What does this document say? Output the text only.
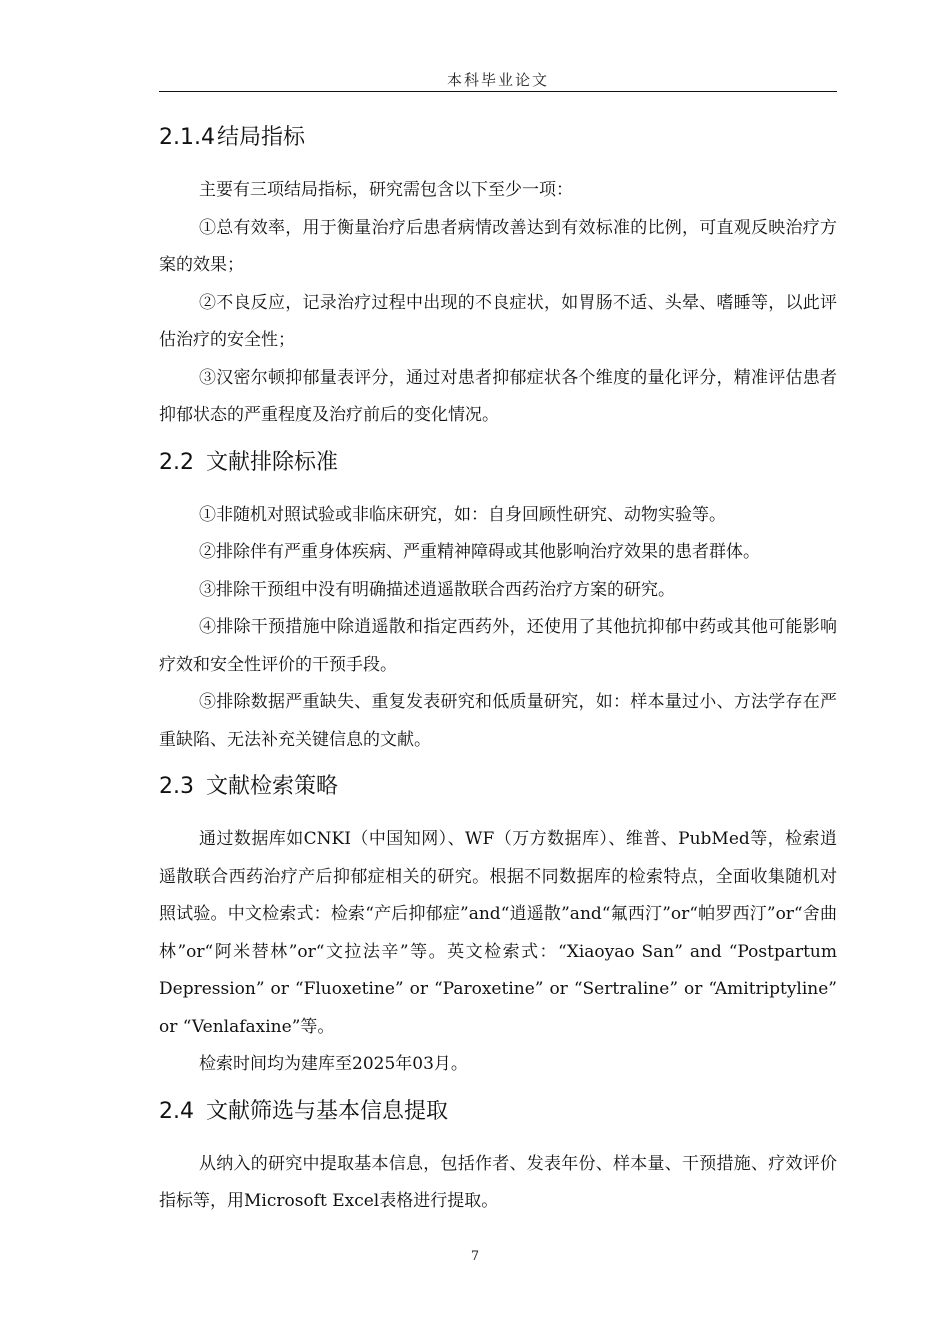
本科毕业论文
2.1.4结局指标

主要有三项结局指标，研究需包含以下至少一项：

①总有效率，用于衡量治疗后患者病情改善达到有效标准的比例，可直观反映治疗方案的效果；

②不良反应，记录治疗过程中出现的不良症状，如胃肠不适、头晕、嗜睡等，以此评估治疗的安全性；

③汉密尔顿抑郁量表评分，通过对患者抑郁症状各个维度的量化评分，精准评估患者抑郁状态的严重程度及治疗前后的变化情况。

2.2 文献排除标准

①非随机对照试验或非临床研究，如：自身回顾性研究、动物实验等。

②排除伴有严重身体疾病、严重精神障碍或其他影响治疗效果的患者群体。

③排除干预组中没有明确描述逍遥散联合西药治疗方案的研究。

④排除干预措施中除逍遥散和指定西药外，还使用了其他抗抑郁中药或其他可能影响疗效和安全性评价的干预手段。

⑤排除数据严重缺失、重复发表研究和低质量研究，如：样本量过小、方法学存在严重缺陷、无法补充关键信息的文献。

2.3 文献检索策略

通过数据库如CNKI（中国知网）、WF（万方数据库）、维普、PubMed等，检索逍遥散联合西药治疗产后抑郁症相关的研究。根据不同数据库的检索特点，全面收集随机对照试验。中文检索式：检索“产后抑郁症”and“逍遥散”and“氟西汀”or“帕罗西汀”or“舍曲林”or“阿米替林”or“文拉法辛”等。英文检索式：“Xiaoyao San” and “Postpartum Depression” or “Fluoxetine” or “Paroxetine” or “Sertraline” or “Amitriptyline” or “Venlafaxine”等。

检索时间均为建库至2025年03月。

2.4 文献筛选与基本信息提取

从纳入的研究中提取基本信息，包括作者、发表年份、样本量、干预措施、疗效评价指标等，用Microsoft Excel表格进行提取。

7
